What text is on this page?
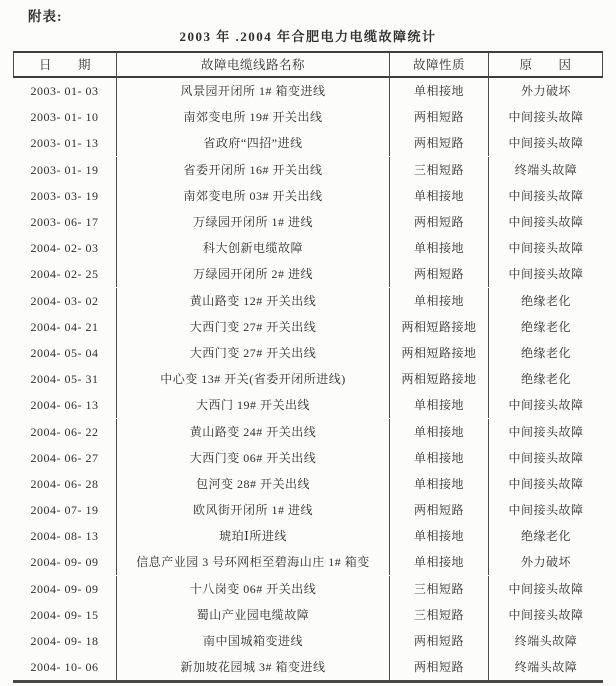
附表:
2003 年 .2004 年合肥电力电缆故障统计
日　　期	故障电缆线路名称	故障性质	原　　因
2003- 01- 03	风景园开闭所 1# 箱变进线	单相接地	外力破坏
2003- 01- 10	南郊变电所 19# 开关出线	两相短路	中间接头故障
2003- 01- 13	省政府“四招”进线	两相短路	中间接头故障
2003- 01- 19	省委开闭所 16# 开关出线	三相短路	终端头故障
2003- 03- 19	南郊变电所 03# 开关出线	单相接地	中间接头故障
2003- 06- 17	万绿园开闭所 1# 进线	两相短路	中间接头故障
2004- 02- 03	科大创新电缆故障	单相接地	中间接头故障
2004- 02- 25	万绿园开闭所 2# 进线	两相短路	中间接头故障
2004- 03- 02	黄山路变 12# 开关出线	单相接地	绝缘老化
2004- 04- 21	大西门变 27# 开关出线	两相短路接地	绝缘老化
2004- 05- 04	大西门变 27# 开关出线	两相短路接地	绝缘老化
2004- 05- 31	中心变 13# 开关(省委开闭所进线)	两相短路接地	绝缘老化
2004- 06- 13	大西门 19# 开关出线	单相接地	中间接头故障
2004- 06- 22	黄山路变 24# 开关出线	单相接地	中间接头故障
2004- 06- 27	大西门变 06# 开关出线	单相接地	中间接头故障
2004- 06- 28	包河变 28# 开关出线	单相接地	中间接头故障
2004- 07- 19	欧风街开闭所 1# 进线	两相短路	中间接头故障
2004- 08- 13	琥珀Ⅰ所进线	单相接地	绝缘老化
2004- 09- 09	信息产业园 3 号环网柜至碧海山庄 1# 箱变	单相接地	外力破坏
2004- 09- 09	十八岗变 06# 开关出线	三相短路	中间接头故障
2004- 09- 15	蜀山产业园电缆故障	三相短路	中间接头故障
2004- 09- 18	南中国城箱变进线	两相短路	终端头故障
2004- 10- 06	新加坡花园城 3# 箱变进线	两相短路	终端头故障
